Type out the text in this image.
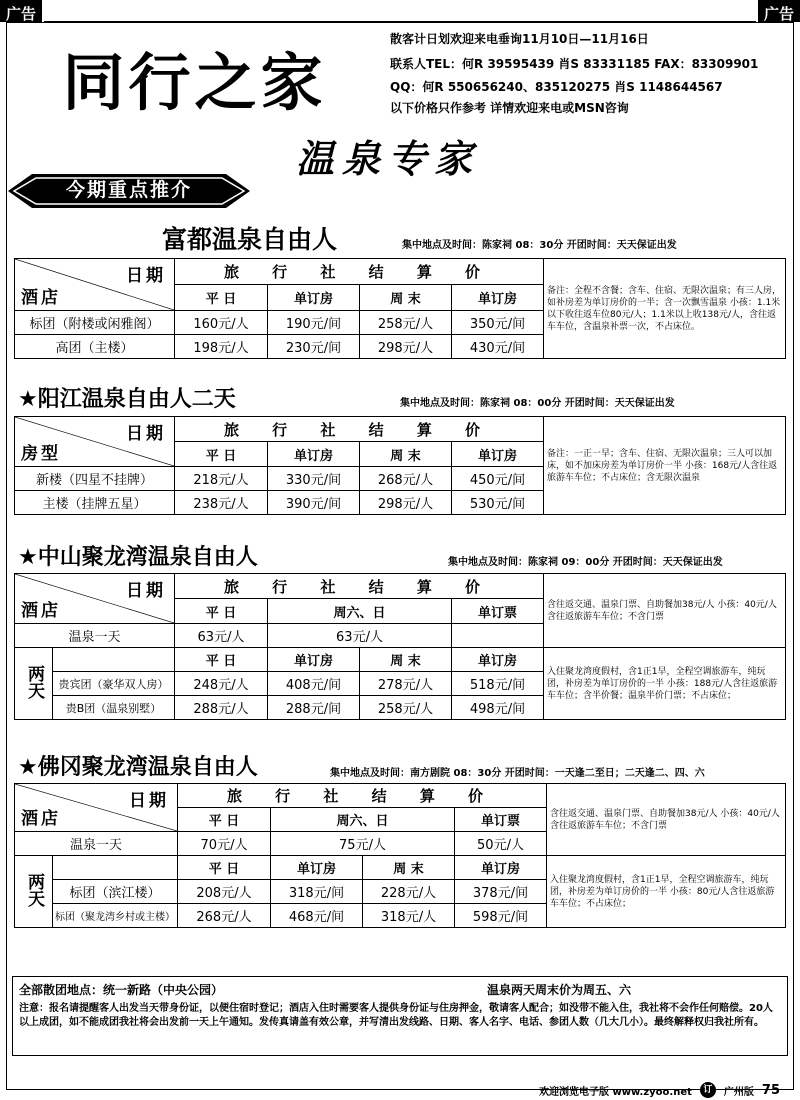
广告	广告
同行之家
散客计日划欢迎来电垂询11月10日—11月16日
联系人TEL：何R 39595439 肖S 83331185 FAX：83309901
QQ：何R 550656240、835120275 肖S 1148644567
以下价格只作参考 详情欢迎来电或MSN咨询
今期重点推介
温泉专家
富都温泉自由人	集中地点及时间：陈家祠 08：30分 开团时间：天天保证出发
日期
酒店	旅 行 社 结 算 价				备注：全程不含餐；含车、住宿、无限次温泉；有三人房，如补房差为单订房价的一半；含一次飘雪温泉 小孩：1.1米以下收往返车位80元/人；1.1米以上收138元/人，含往返车车位，含温泉补票一次，不占床位。
	平 日	单订房	周 末	单订房	
标团（附楼或闲雅阁）	160元/人	190元/间	258元/人	350元/间	
高团（主楼）	198元/人	230元/间	298元/人	430元/间	
★阳江温泉自由人二天	集中地点及时间：陈家祠 08：00分 开团时间：天天保证出发
日期
房型	旅 行 社 结 算 价				备注：一正一早；含车、住宿、无限次温泉；三人可以加床，如不加床房差为单订房价一半 小孩：168元/人含往返旅游车车位；不占床位；含无限次温泉
	平 日	单订房	周 末	单订房	
新楼（四星不挂牌）	218元/人	330元/间	268元/人	450元/间	
主楼（挂牌五星）	238元/人	390元/间	298元/人	530元/间	
★中山聚龙湾温泉自由人	集中地点及时间：陈家祠 09：00分 开团时间：天天保证出发
日期
酒店		旅 行 社 结 算 价				含往返交通、温泉门票、自助餐加38元/人 小孩：40元/人含往返旅游车车位；不含门票
		平 日	周六、日		单订票	
温泉一天		63元/人	63元/人			
两天		平 日	单订房	周 末	单订房	入住聚龙湾度假村，含1正1早，全程空调旅游车，纯玩团，补房差为单订房价的一半 小孩：188元/人含往返旅游车车位；含半价餐；温泉半价门票；不占床位；
	贵宾团（豪华双人房）	248元/人	408元/间	278元/人	518元/间	
	贵B团（温泉别墅）	288元/人	288元/间	258元/人	498元/间	
★佛冈聚龙湾温泉自由人	集中地点及时间：南方剧院 08：30分 开团时间：一天逢二至日；二天逢二、四、六
日期
酒店		旅 行 社 结 算 价				含往返交通、温泉门票、自助餐加38元/人 小孩：40元/人含往返旅游车车位；不含门票
		平 日	周六、日		单订票	
温泉一天		70元/人	75元/人		50元/人	
两天		平 日	单订房	周 末	单订房	入住聚龙湾度假村，含1正1早，全程空调旅游车，纯玩团，补房差为单订房价的一半 小孩：80元/人含往返旅游车车位；不占床位；
	标团（滨江楼）	208元/人	318元/间	228元/人	378元/间	
	标团（聚龙湾乡村或主楼）	268元/人	468元/间	318元/人	598元/间	
全部散团地点：统一新路（中央公园）	温泉两天周末价为周五、六
注意：报名请提醒客人出发当天带身份证，以便住宿时登记；酒店入住时需要客人提供身份证与住房押金，敬请客人配合；如没带不能入住，我社将不会作任何赔偿。20人以上成团，如不能成团我社将会出发前一天上午通知。发传真请盖有效公章，并写清出发线路、日期、客人名字、电话、参团人数（几大几小）。最终解释权归我社所有。
欢迎浏览电子版 www.zyoo.net	订	广州版 75
